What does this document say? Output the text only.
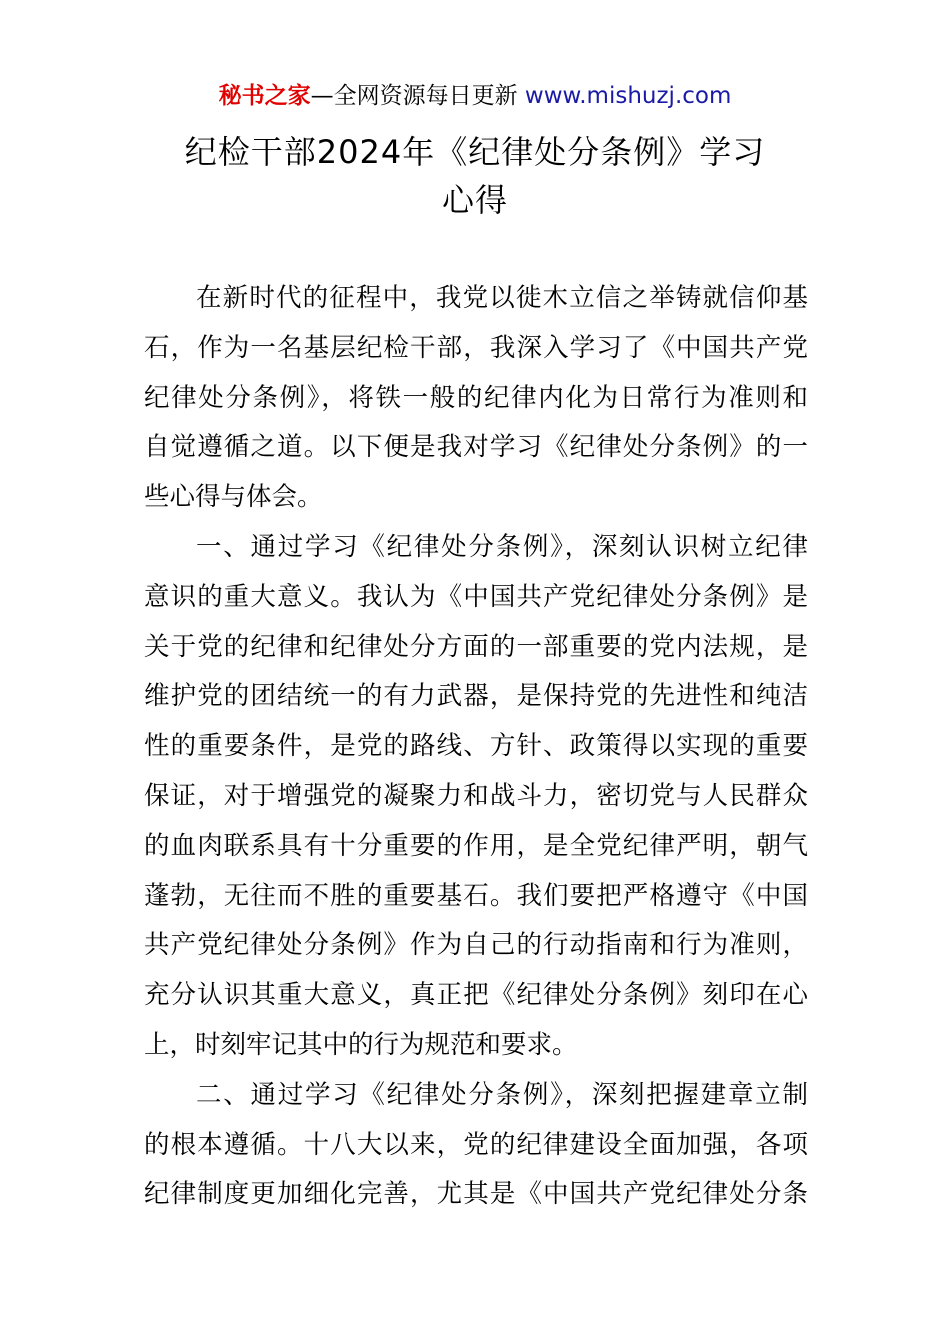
秘书之家—全网资源每日更新 www.mishuzj.com
纪检干部2024年《纪律处分条例》学习
心得
在新时代的征程中，我党以徙木立信之举铸就信仰基
石，作为一名基层纪检干部，我深入学习了《中国共产党
纪律处分条例》，将铁一般的纪律内化为日常行为准则和
自觉遵循之道。以下便是我对学习《纪律处分条例》的一
些心得与体会。
一、通过学习《纪律处分条例》，深刻认识树立纪律
意识的重大意义。我认为《中国共产党纪律处分条例》是
关于党的纪律和纪律处分方面的一部重要的党内法规，是
维护党的团结统一的有力武器，是保持党的先进性和纯洁
性的重要条件，是党的路线、方针、政策得以实现的重要
保证，对于增强党的凝聚力和战斗力，密切党与人民群众
的血肉联系具有十分重要的作用，是全党纪律严明，朝气
蓬勃，无往而不胜的重要基石。我们要把严格遵守《中国
共产党纪律处分条例》作为自己的行动指南和行为准则，
充分认识其重大意义，真正把《纪律处分条例》刻印在心
上，时刻牢记其中的行为规范和要求。
二、通过学习《纪律处分条例》，深刻把握建章立制
的根本遵循。十八大以来，党的纪律建设全面加强，各项
纪律制度更加细化完善，尤其是《中国共产党纪律处分条
